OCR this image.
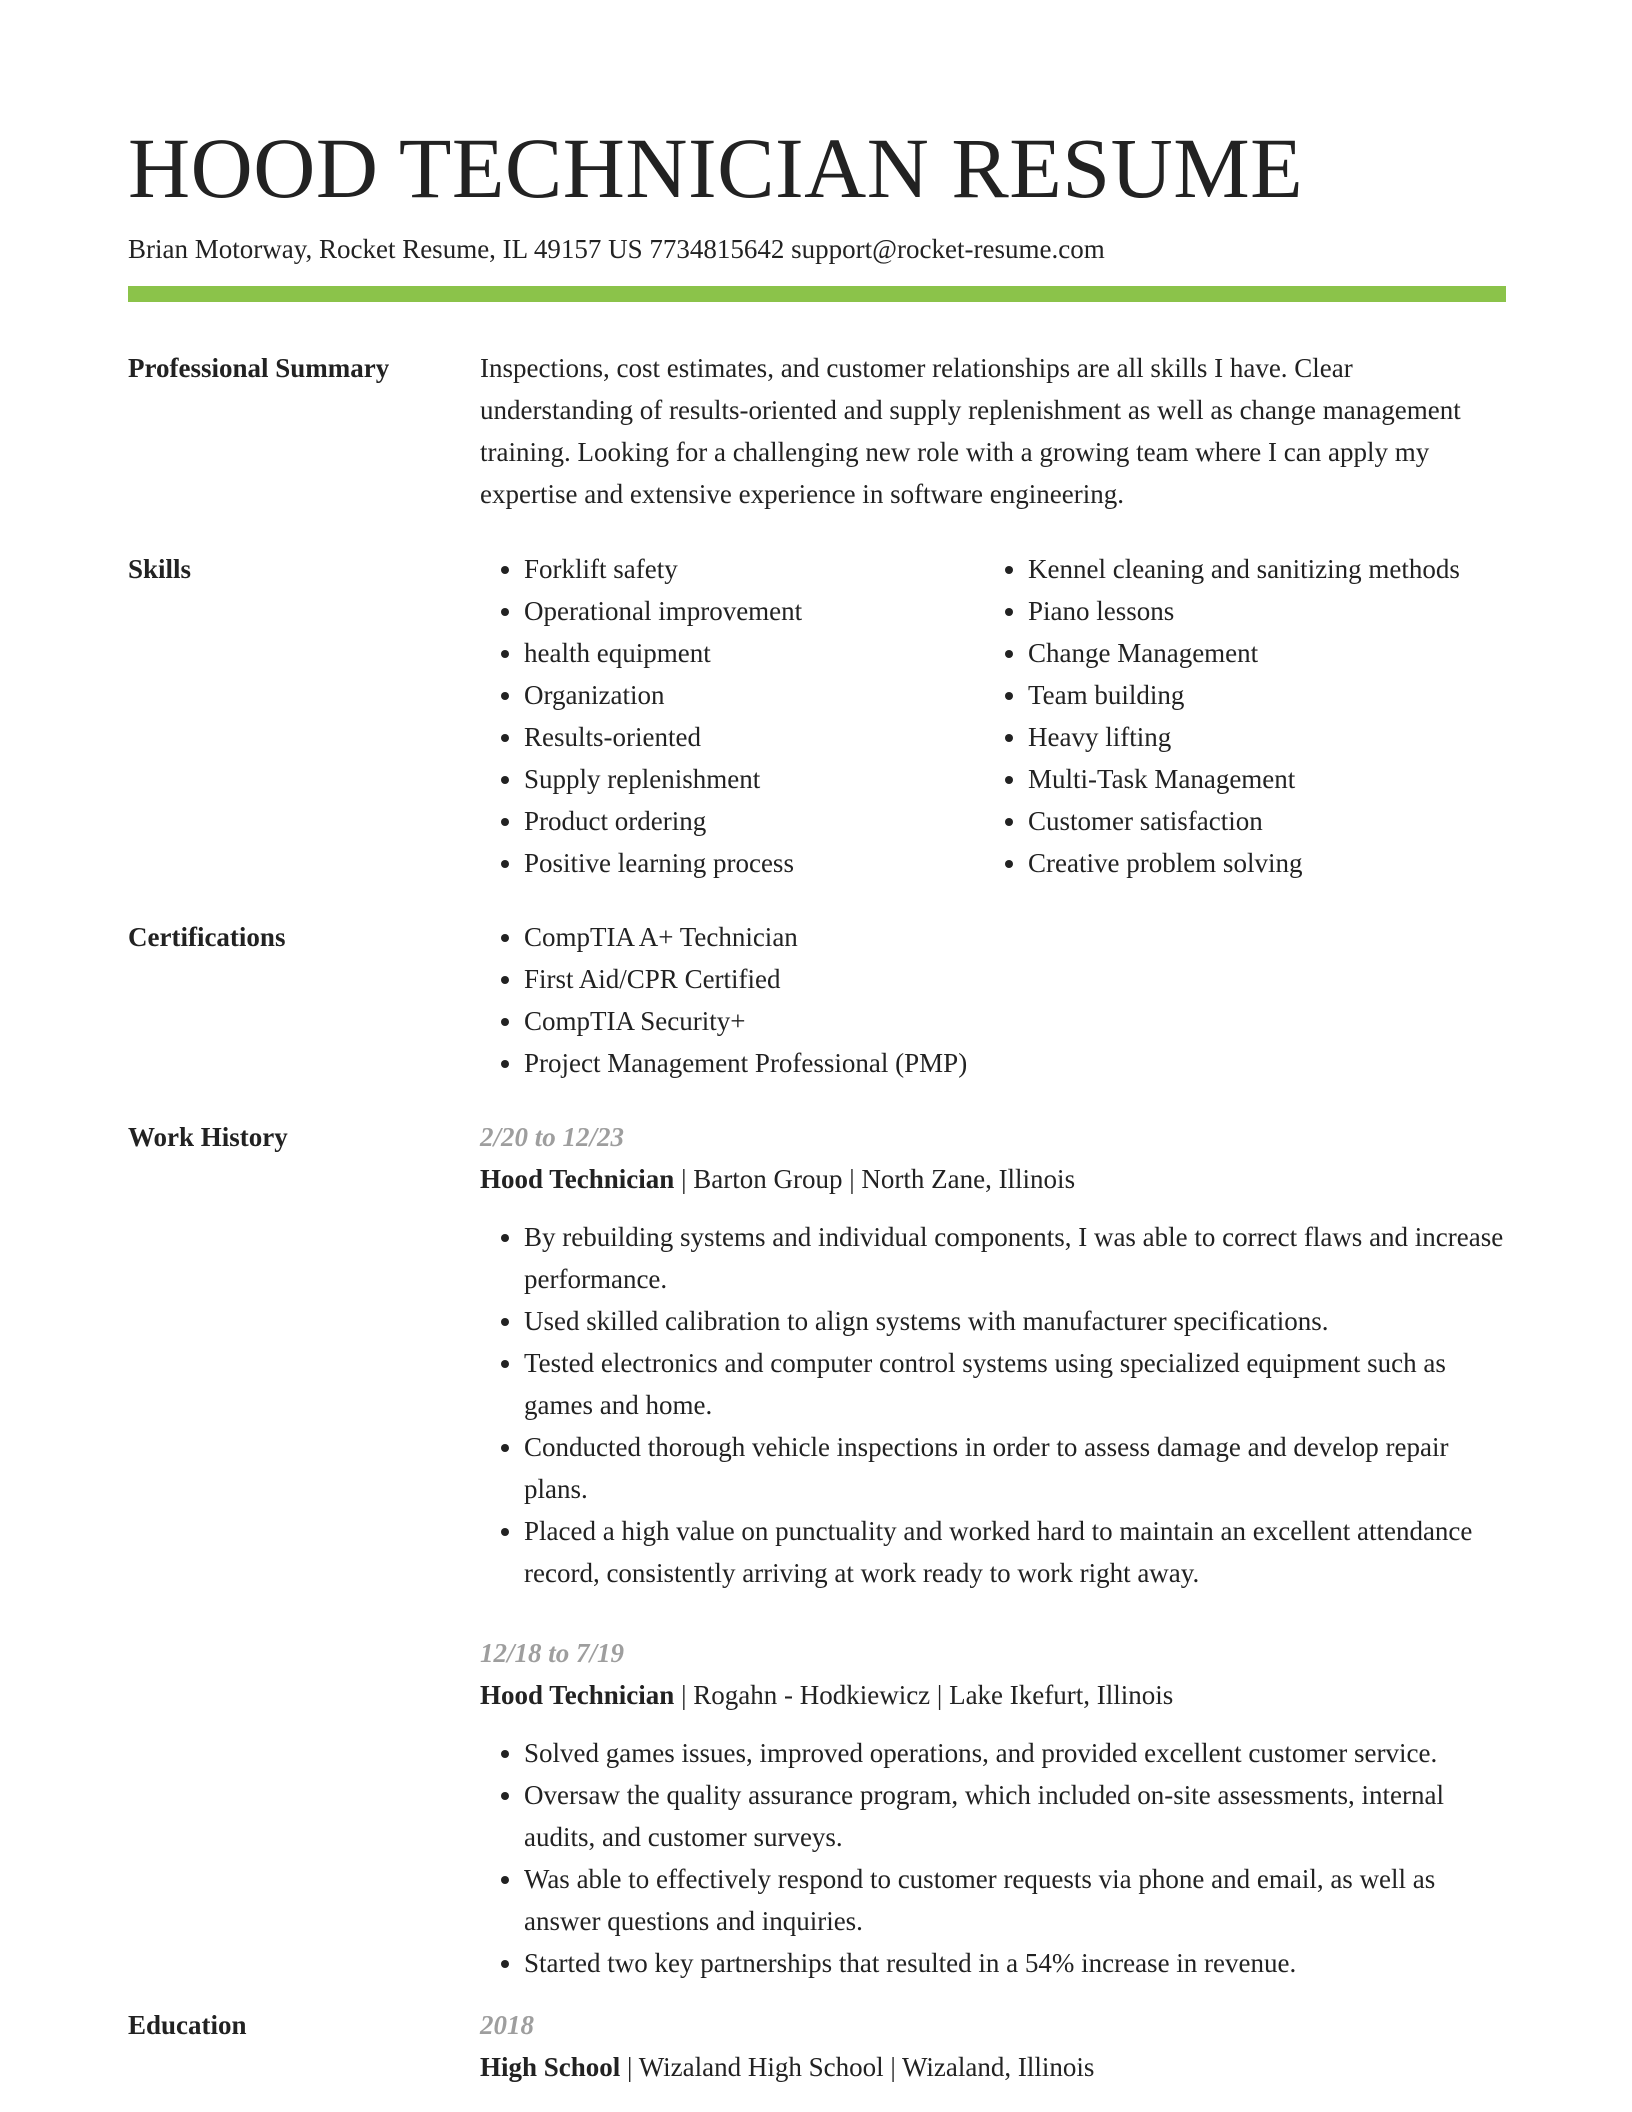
HOOD TECHNICIAN RESUME
Brian Motorway, Rocket Resume, IL 49157 US 7734815642 support@rocket-resume.com
Professional Summary	Inspections, cost estimates, and customer relationships are all skills I have. Clear understanding of results-oriented and supply replenishment as well as change management training. Looking for a challenging new role with a growing team where I can apply my expertise and extensive experience in software engineering.

Skills	• Forklift safety
• Operational improvement
• health equipment
• Organization
• Results-oriented
• Supply replenishment
• Product ordering
• Positive learning process
• Kennel cleaning and sanitizing methods
• Piano lessons
• Change Management
• Team building
• Heavy lifting
• Multi-Task Management
• Customer satisfaction
• Creative problem solving
Certifications	• CompTIA A+ Technician
• First Aid/CPR Certified
• CompTIA Security+
• Project Management Professional (PMP)
Work History	2/20 to 12/23
Hood Technician | Barton Group | North Zane, Illinois
• By rebuilding systems and individual components, I was able to correct flaws and increase performance.
• Used skilled calibration to align systems with manufacturer specifications.
• Tested electronics and computer control systems using specialized equipment such as games and home.
• Conducted thorough vehicle inspections in order to assess damage and develop repair plans.
• Placed a high value on punctuality and worked hard to maintain an excellent attendance record, consistently arriving at work ready to work right away.
12/18 to 7/19
Hood Technician | Rogahn - Hodkiewicz | Lake Ikefurt, Illinois
• Solved games issues, improved operations, and provided excellent customer service.
• Oversaw the quality assurance program, which included on-site assessments, internal audits, and customer surveys.
• Was able to effectively respond to customer requests via phone and email, as well as answer questions and inquiries.
• Started two key partnerships that resulted in a 54% increase in revenue.
Education	2018
High School | Wizaland High School | Wizaland, Illinois
